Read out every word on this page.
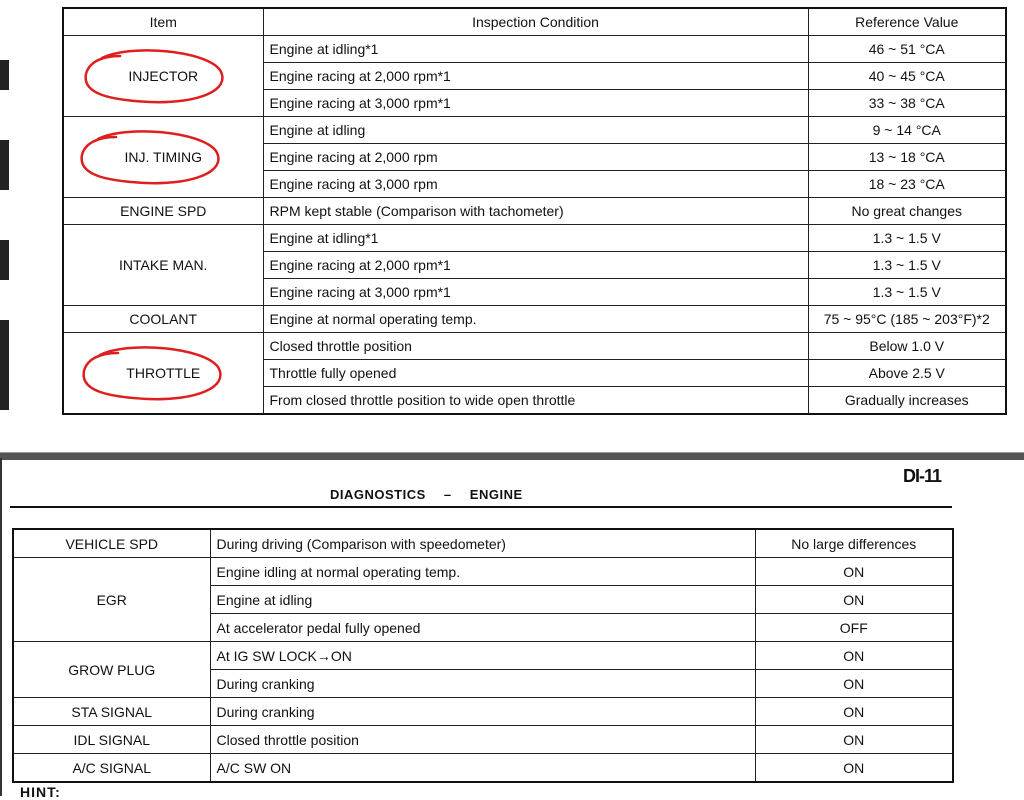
Item	Inspection Condition	Reference Value

INJECTOR	Engine at idling*1	46 ~ 51 °CA
	Engine racing at 2,000 rpm*1	40 ~ 45 °CA
	Engine racing at 3,000 rpm*1	33 ~ 38 °CA

INJ. TIMING	Engine at idling	9 ~ 14 °CA
	Engine racing at 2,000 rpm	13 ~ 18 °CA
	Engine racing at 3,000 rpm	18 ~ 23 °CA
ENGINE SPD	RPM kept stable (Comparison with tachometer)	No great changes
INTAKE MAN.	Engine at idling*1	1.3 ~ 1.5 V
	Engine racing at 2,000 rpm*1	1.3 ~ 1.5 V
	Engine racing at 3,000 rpm*1	1.3 ~ 1.5 V
COOLANT	Engine at normal operating temp.	75 ~ 95°C (185 ~ 203°F)*2

THROTTLE	Closed throttle position	Below 1.0 V
	Throttle fully opened	Above 2.5 V
	From closed throttle position to wide open throttle	Gradually increases
DI-11
DIAGNOSTICS – ENGINE
VEHICLE SPD	During driving (Comparison with speedometer)	No large differences
EGR	Engine idling at normal operating temp.	ON
	Engine at idling	ON
	At accelerator pedal fully opened	OFF
GROW PLUG	At IG SW LOCK→ON	ON
	During cranking	ON
STA SIGNAL	During cranking	ON
IDL SIGNAL	Closed throttle position	ON
A/C SIGNAL	A/C SW ON	ON
HINT:
